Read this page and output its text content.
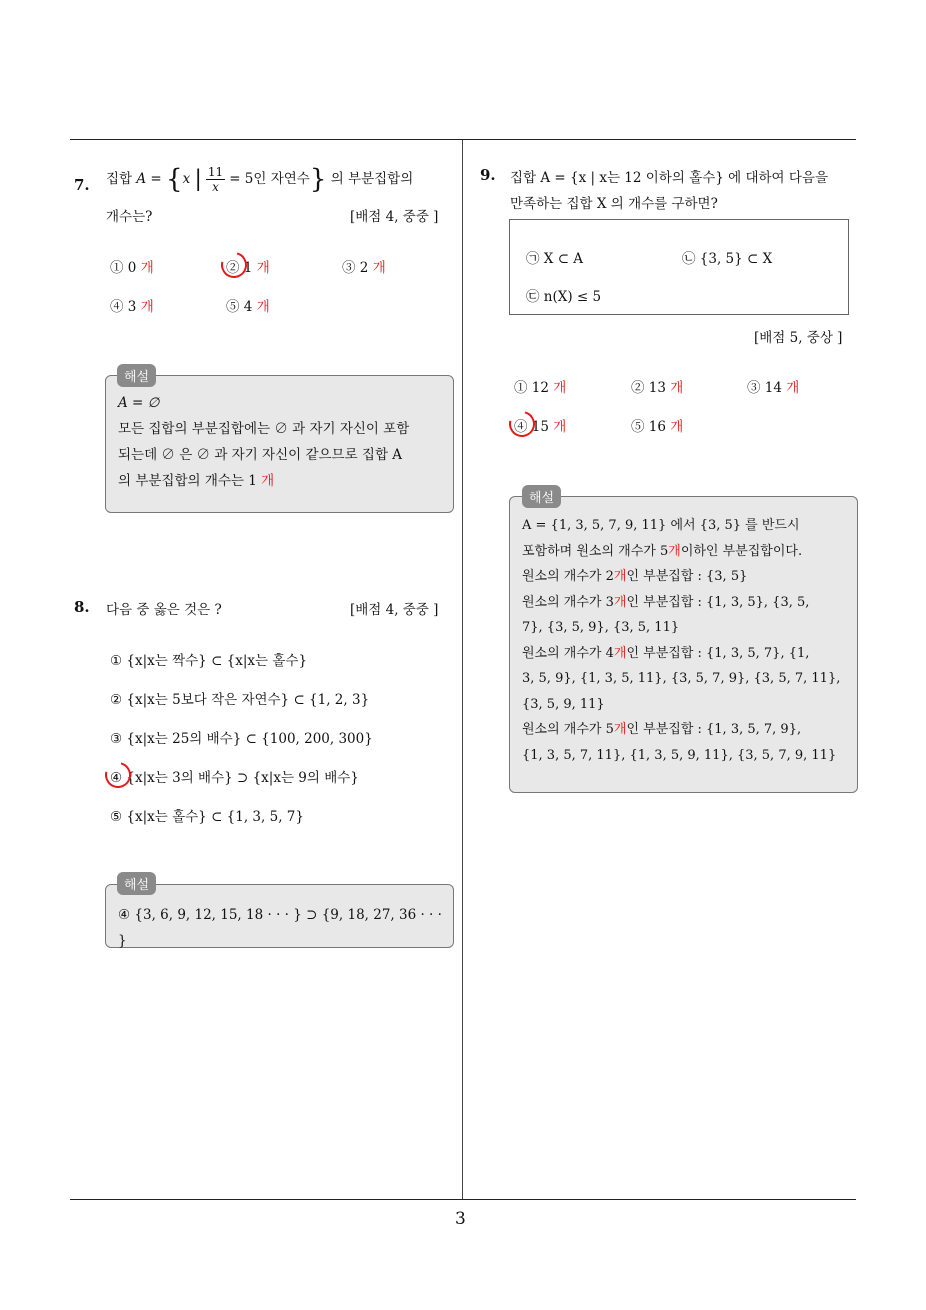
3
7. 집합 A = {x | $\frac{11}{x} = 5$인 자연수} 의 부분집합의
개수는?	[배점 4, 중중 ]
① 0 개	② 1 개	③ 2 개
④ 3 개	⑤ 4 개
A = ∅
모든 집합의 부분집합에는 ∅ 과 자기 자신이 포함
되는데 ∅ 은 ∅ 과 자기 자신이 같으므로 집합 A
의 부분집합의 개수는 1 개
해설
8. 다음 중 옳은 것은 ?	[배점 4, 중중 ]
① {x|x는 짝수} ⊂ {x|x는 홀수}
② {x|x는 5보다 작은 자연수} ⊂ {1, 2, 3}
③ {x|x는 25의 배수} ⊂ {100, 200, 300}
④ {x|x는 3의 배수} ⊃ {x|x는 9의 배수}
⑤ {x|x는 홀수} ⊂ {1, 3, 5, 7}
④ {3, 6, 9, 12, 15, 18 · · · } ⊃ {9, 18, 27, 36 · · · }
해설
9. 집합 A = {x | x는 12 이하의 홀수} 에 대하여 다음을
만족하는 집합 X 의 개수를 구하면?
㉠ X ⊂ A	㉡ {3, 5} ⊂ X
㉢ n(X) ≤ 5
[배점 5, 중상 ]
① 12 개	② 13 개	③ 14 개
④ 15 개	⑤ 16 개
A = {1, 3, 5, 7, 9, 11} 에서 {3, 5} 를 반드시
포함하며 원소의 개수가 5개이하인 부분집합이다.
원소의 개수가 2개인 부분집합 : {3, 5}
원소의 개수가 3개인 부분집합 : {1, 3, 5}, {3, 5,
7}, {3, 5, 9}, {3, 5, 11}
원소의 개수가 4개인 부분집합 : {1, 3, 5, 7}, {1,
3, 5, 9}, {1, 3, 5, 11}, {3, 5, 7, 9}, {3, 5, 7, 11},
{3, 5, 9, 11}
원소의 개수가 5개인 부분집합 : {1, 3, 5, 7, 9},
{1, 3, 5, 7, 11}, {1, 3, 5, 9, 11}, {3, 5, 7, 9, 11}
해설
